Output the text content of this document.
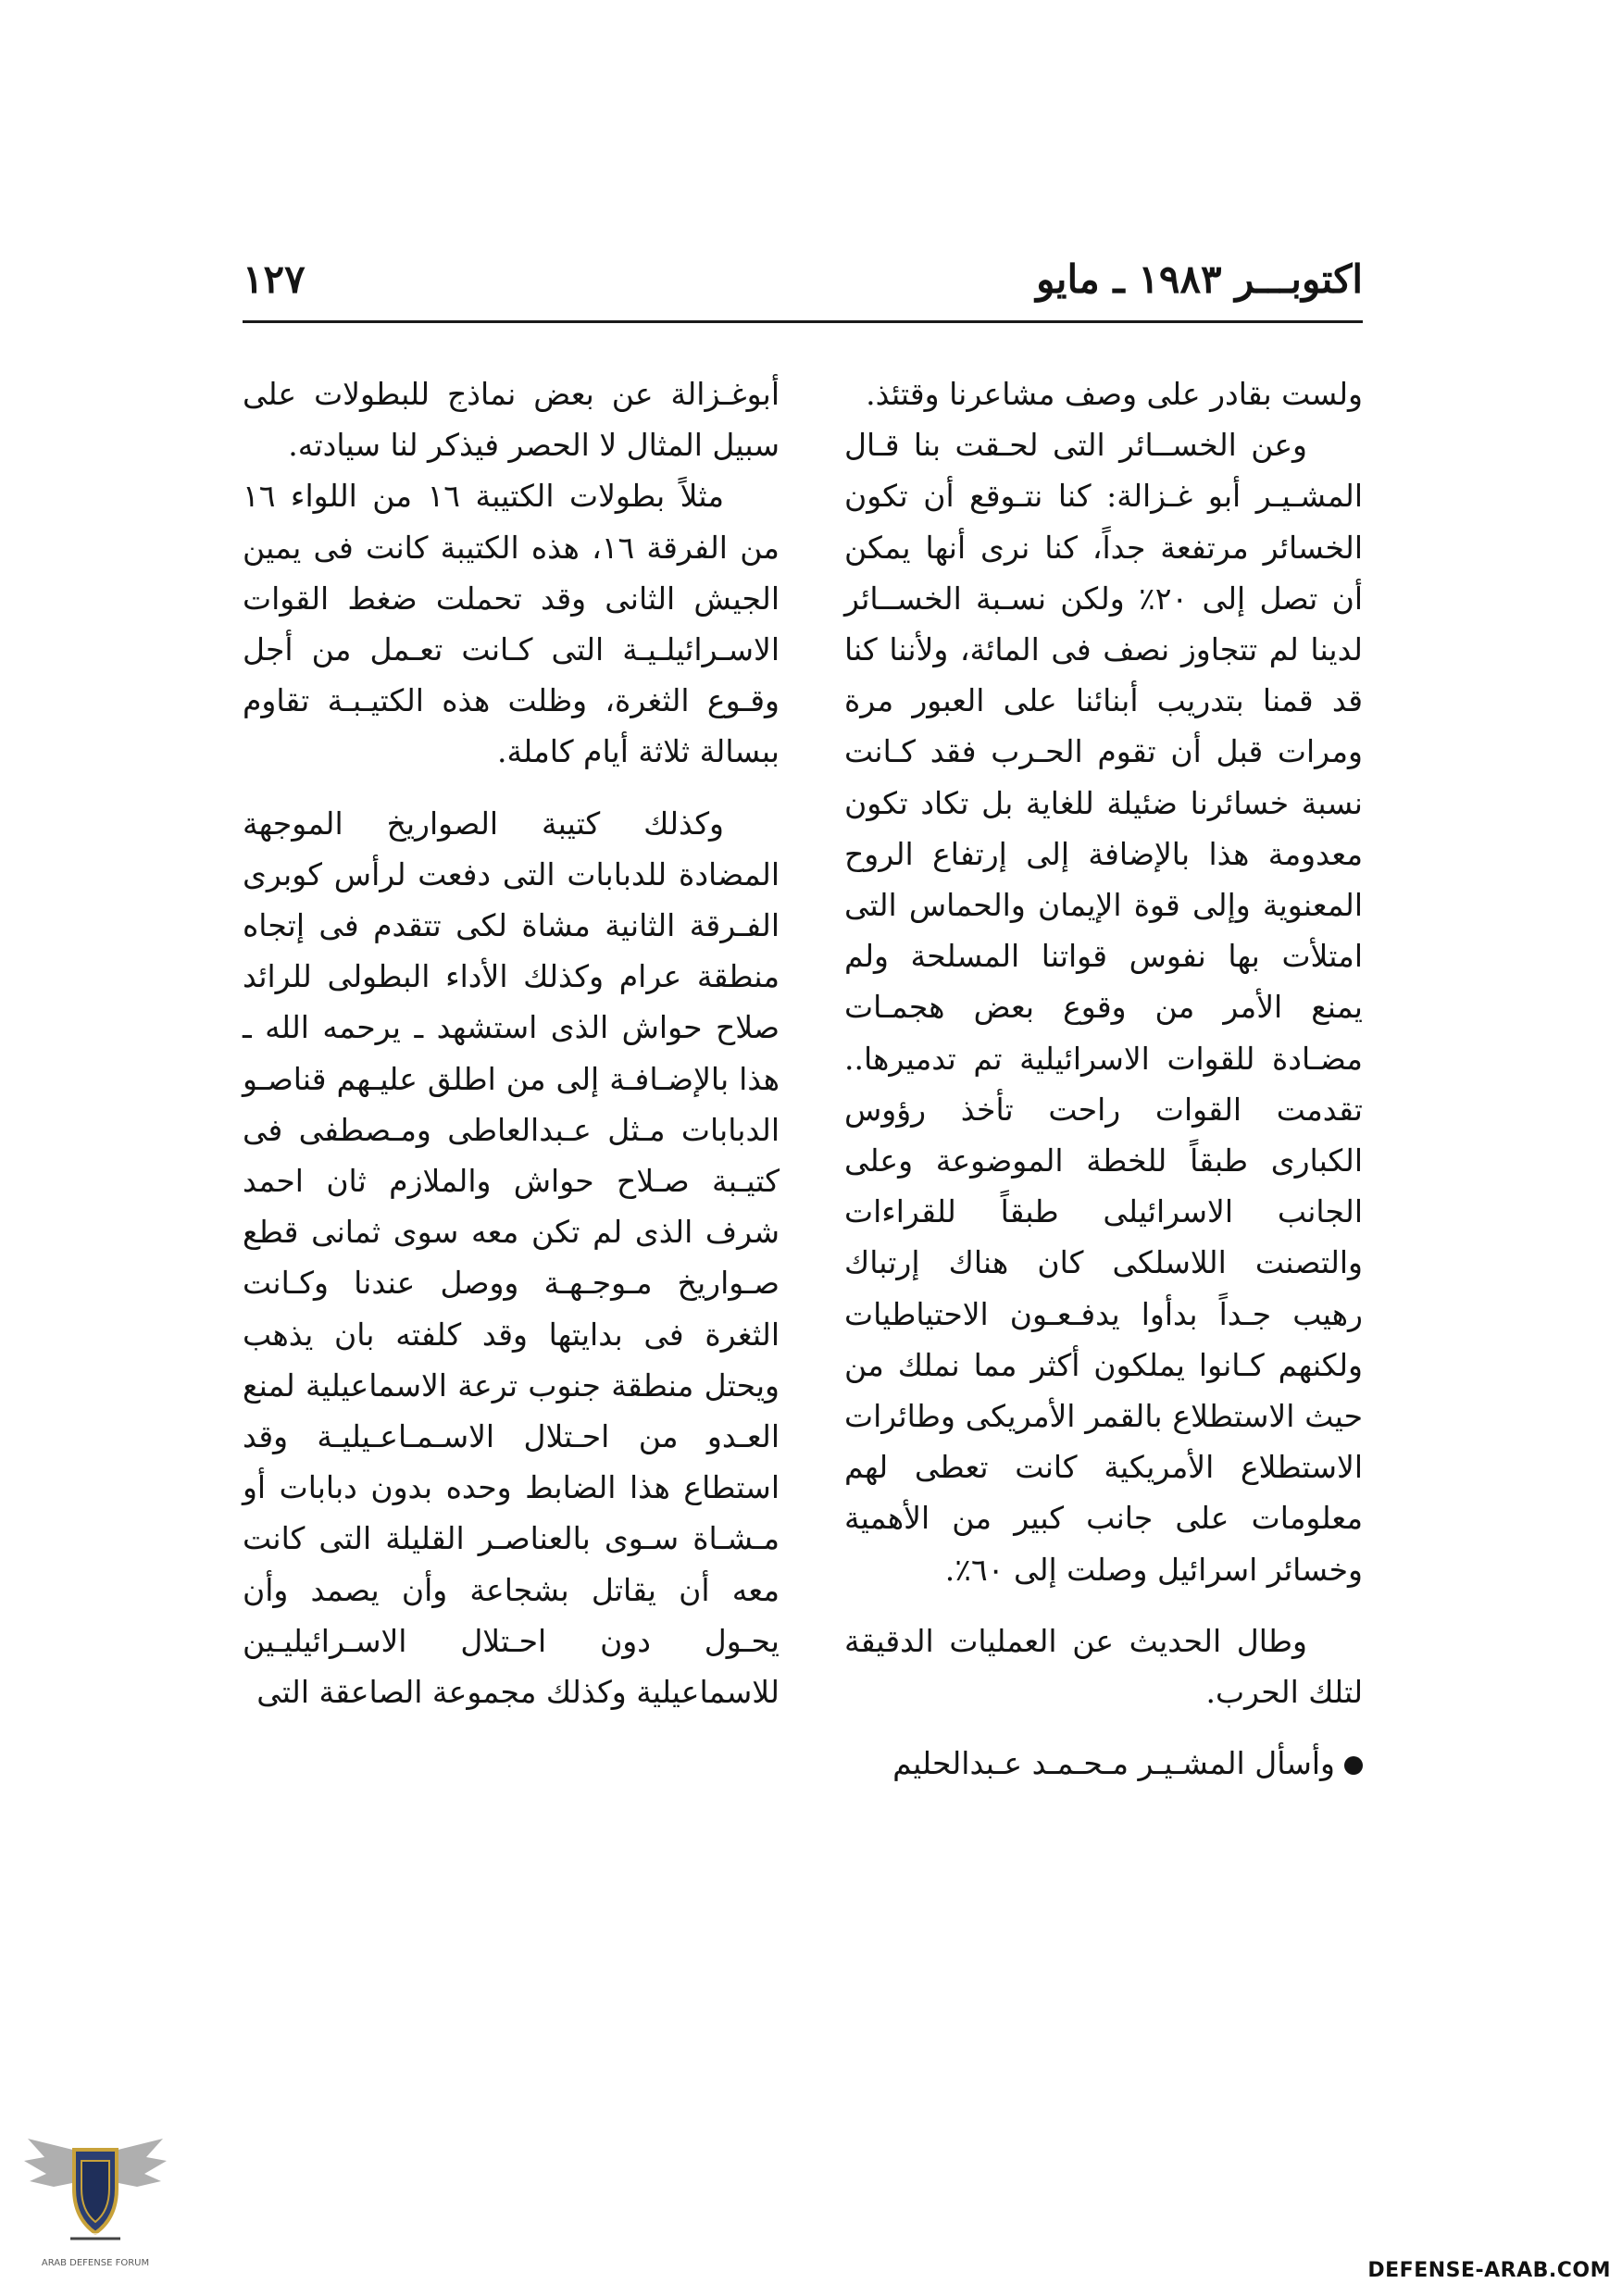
اكتوبـــر ١٩٨٣ ـ مايو
١٢٧

ولست بقادر على وصف مشاعرنا وقتئذ.

وعن الخســائر التى لحـقت بنا قـال المشـيـر أبو غـزالة: كنا نتـوقع أن تكون الخسائر مرتفعة جداً، كنا نرى أنها يمكن أن تصل إلى ٢٠٪ ولكن نسـبة الخســائر لدينا لم تتجاوز نصف فى المائة، ولأننا كنا قد قمنا بتدريب أبنائنا على العبور مرة ومرات قبل أن تقوم الحـرب فقد كـانت نسبة خسائرنا ضئيلة للغاية بل تكاد تكون معدومة هذا بالإضافة إلى إرتفاع الروح المعنوية وإلى قوة الإيمان والحماس التى امتلأت بها نفوس قواتنا المسلحة ولم يمنع الأمر من وقوع بعض هجمـات مضـادة للقوات الاسرائيلية تم تدميرها.. تقدمت القوات راحت تأخذ رؤوس الكبارى طبقاً للخطة الموضوعة وعلى الجانب الاسرائيلى طبقاً للقراءات والتصنت اللاسلكى كان هناك إرتباك رهيب جـداً بدأوا يدفـعـون الاحتياطيات ولكنهم كـانوا يملكون أكثر مما نملك من حيث الاستطلاع بالقمر الأمريكى وطائرات الاستطلاع الأمريكية كانت تعطى لهم معلومات على جانب كبير من الأهمية وخسائر اسرائيل وصلت إلى ٦٠٪.

وطال الحديث عن العمليات الدقيقة لتلك الحرب.

وأسأل المشـيـر مـحـمـد عـبدالحليم

أبوغـزالة عن بعض نماذج للبطولات على سبيل المثال لا الحصر فيذكر لنا سيادته.

مثلاً بطولات الكتيبة ١٦ من اللواء ١٦ من الفرقة ١٦، هذه الكتيبة كانت فى يمين الجيش الثانى وقد تحملت ضغط القوات الاسـرائيلـيـة التى كـانت تعـمل من أجل وقـوع الثغرة، وظلت هذه الكتيـبـة تقاوم ببسالة ثلاثة أيام كاملة.

وكذلك كتيبة الصواريخ الموجهة المضادة للدبابات التى دفعت لرأس كوبرى الفـرقة الثانية مشاة لكى تتقدم فى إتجاه منطقة عرام وكذلك الأداء البطولى للرائد صلاح حواش الذى استشهد ـ يرحمه الله ـ هذا بالإضـافـة إلى من اطلق عليـهم قناصـو الدبابات مـثل عـبدالعاطى ومـصطفى فى كتيـبة صـلاح حواش والملازم ثان احمد شرف الذى لم تكن معه سوى ثمانى قطع صـواريخ مـوجـهـة ووصل عندنا وكـانت الثغرة فى بدايتها وقد كلفته بان يذهب ويحتل منطقة جنوب ترعة الاسماعيلية لمنع العـدو من احـتلال الاسـمـاعـيليـة وقد استطاع هذا الضابط وحده بدون دبابات أو مـشـاة سـوى بالعناصـر القليلة التى كانت معه أن يقاتل بشجاعة وأن يصمد وأن يحـول دون احـتلال الاسـرائيليـين للاسماعيلية وكذلك مجموعة الصاعقة التى

ARAB DEFENSE FORUM	DEFENSE-ARAB.COM
